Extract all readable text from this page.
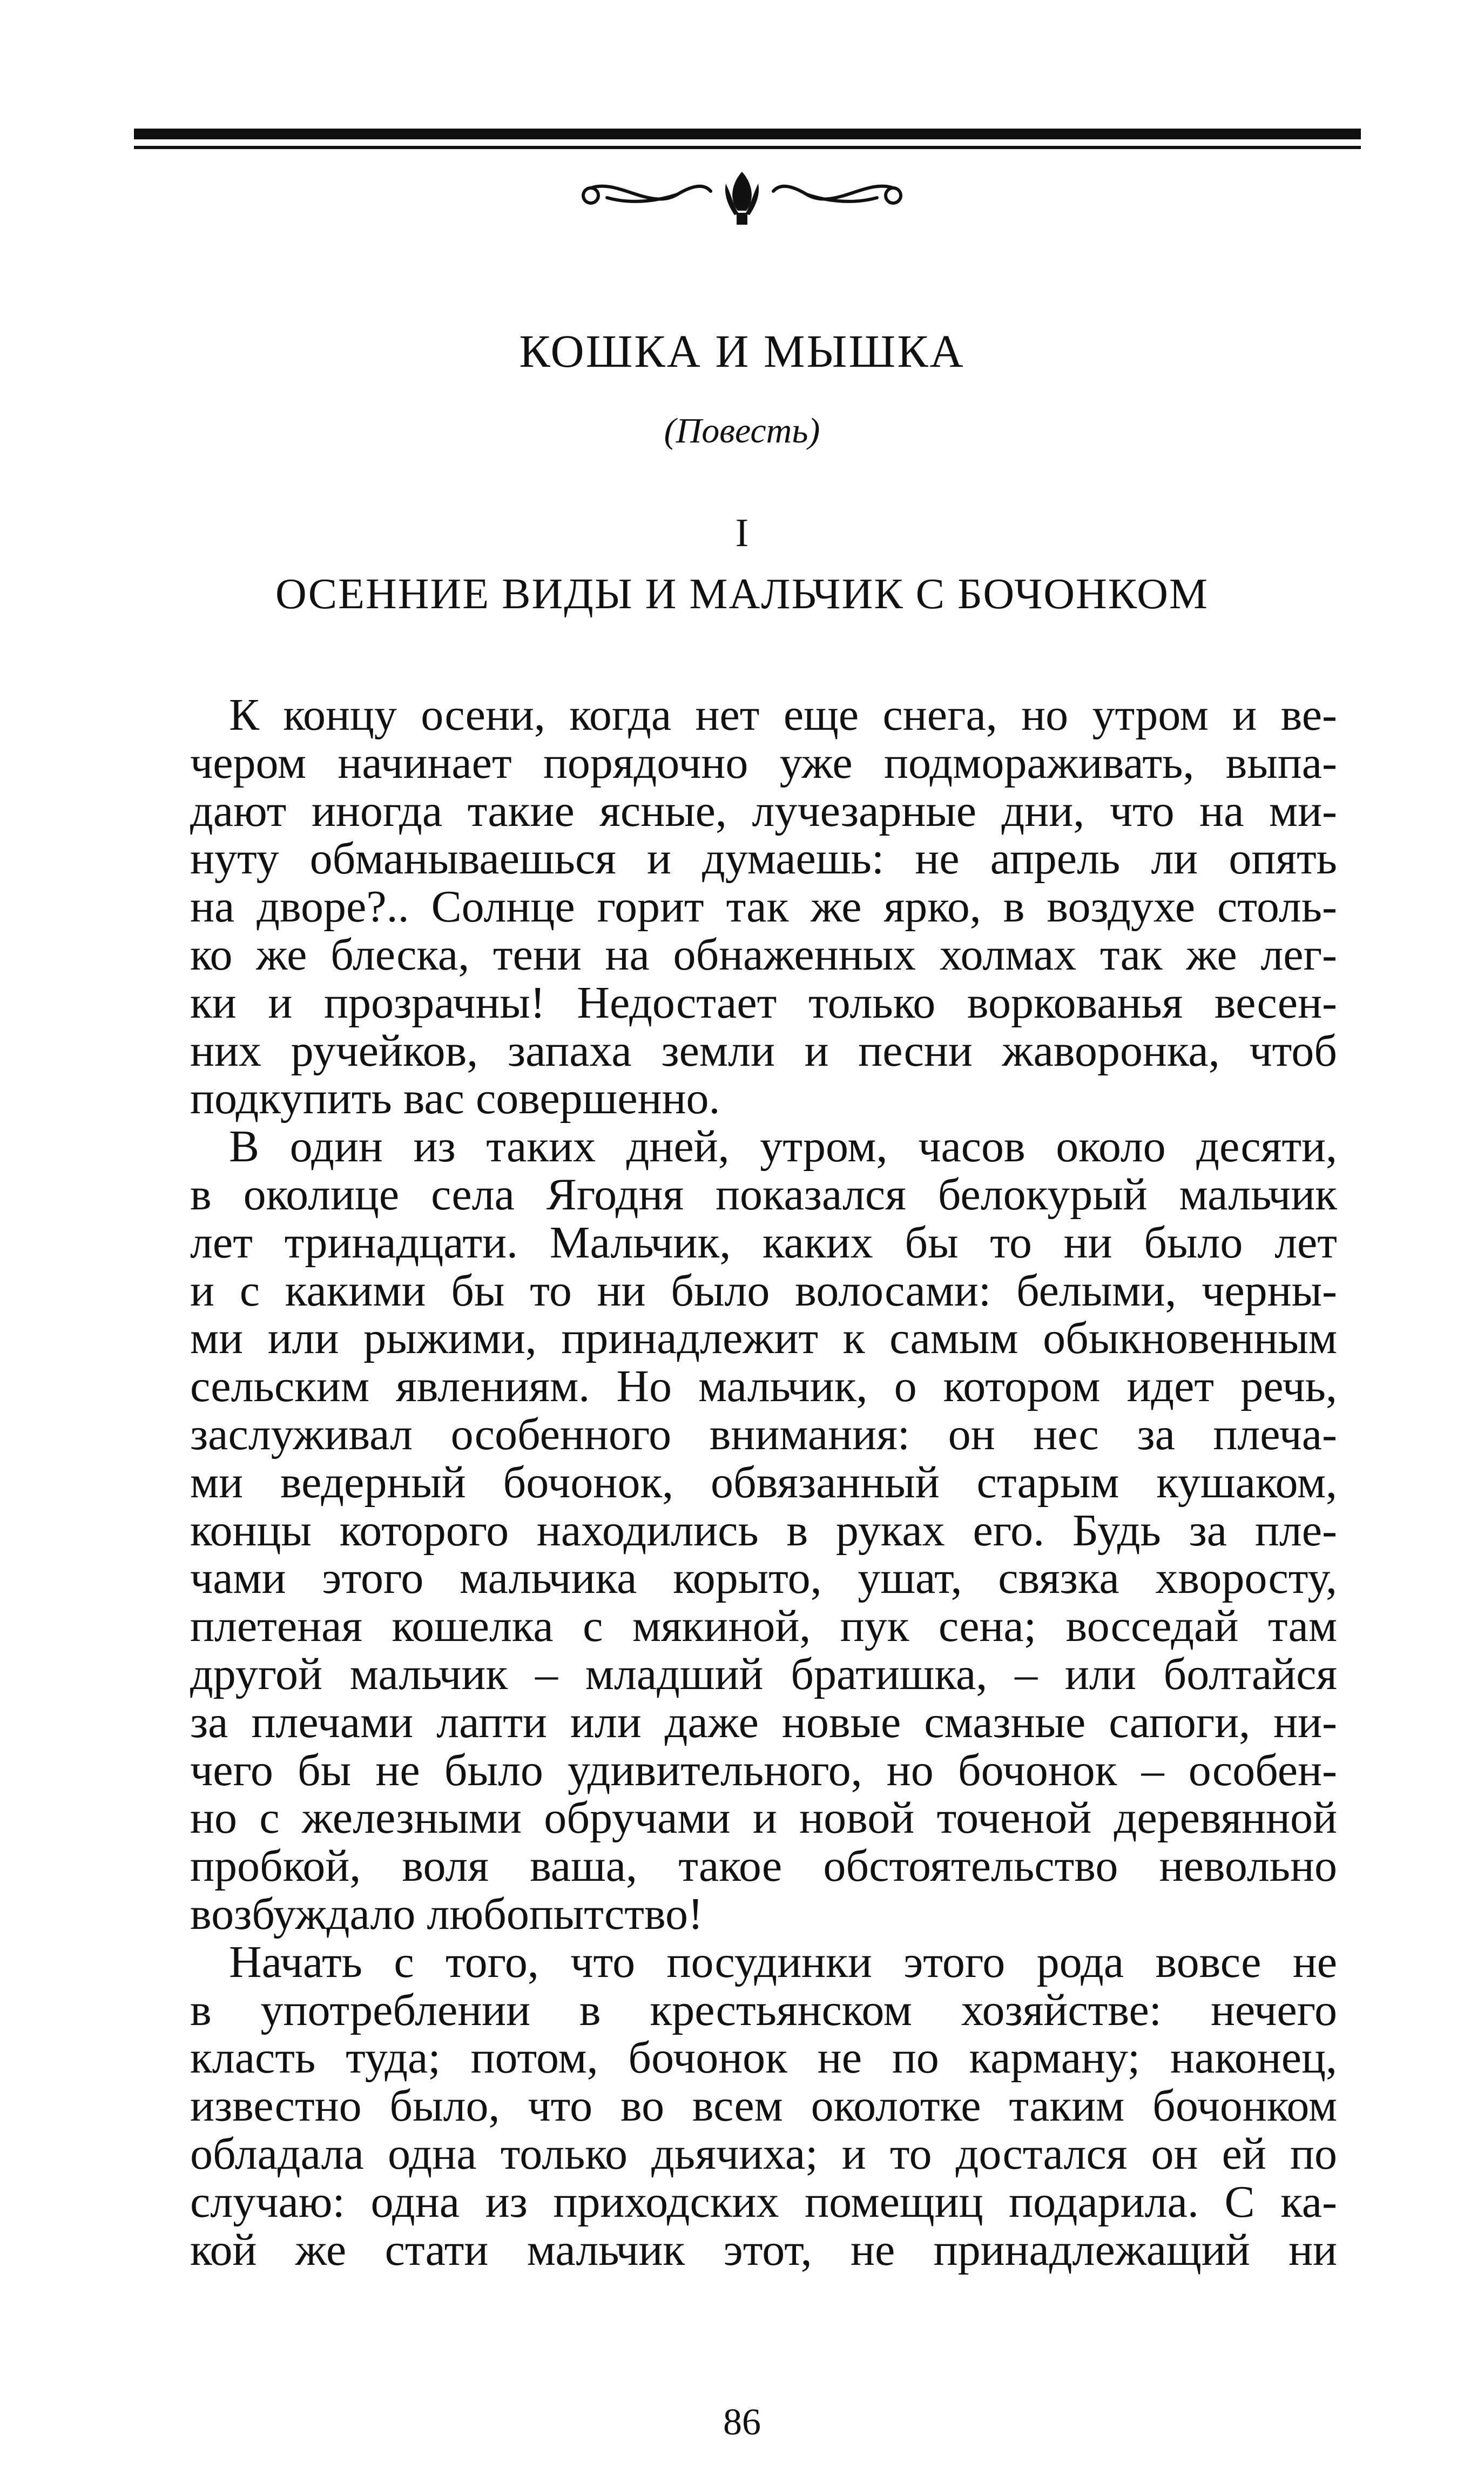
КОШКА И МЫШКА
(Повесть)
I
ОСЕННИЕ ВИДЫ И МАЛЬЧИК С БОЧОНКОМ
К концу осени, когда нет еще снега, но утром и ве-
чером начинает порядочно уже подмораживать, выпа-
дают иногда такие ясные, лучезарные дни, что на ми-
нуту обманываешься и думаешь: не апрель ли опять
на дворе?.. Солнце горит так же ярко, в воздухе столь-
ко же блеска, тени на обнаженных холмах так же лег-
ки и прозрачны! Недостает только воркованья весен-
них ручейков, запаха земли и песни жаворонка, чтоб
подкупить вас совершенно.
В один из таких дней, утром, часов около десяти,
в околице села Ягодня показался белокурый мальчик
лет тринадцати. Мальчик, каких бы то ни было лет
и с какими бы то ни было волосами: белыми, черны-
ми или рыжими, принадлежит к самым обыкновенным
сельским явлениям. Но мальчик, о котором идет речь,
заслуживал особенного внимания: он нес за плеча-
ми ведерный бочонок, обвязанный старым кушаком,
концы которого находились в руках его. Будь за пле-
чами этого мальчика корыто, ушат, связка хворосту,
плетеная кошелка с мякиной, пук сена; восседай там
другой мальчик – младший братишка, – или болтайся
за плечами лапти или даже новые смазные сапоги, ни-
чего бы не было удивительного, но бочонок – особен-
но с железными обручами и новой точеной деревянной
пробкой, воля ваша, такое обстоятельство невольно
возбуждало любопытство!
Начать с того, что посудинки этого рода вовсе не
в употреблении в крестьянском хозяйстве: нечего
класть туда; потом, бочонок не по карману; наконец,
известно было, что во всем околотке таким бочонком
обладала одна только дьячиха; и то достался он ей по
случаю: одна из приходских помещиц подарила. С ка-
кой же стати мальчик этот, не принадлежащий ни
86
